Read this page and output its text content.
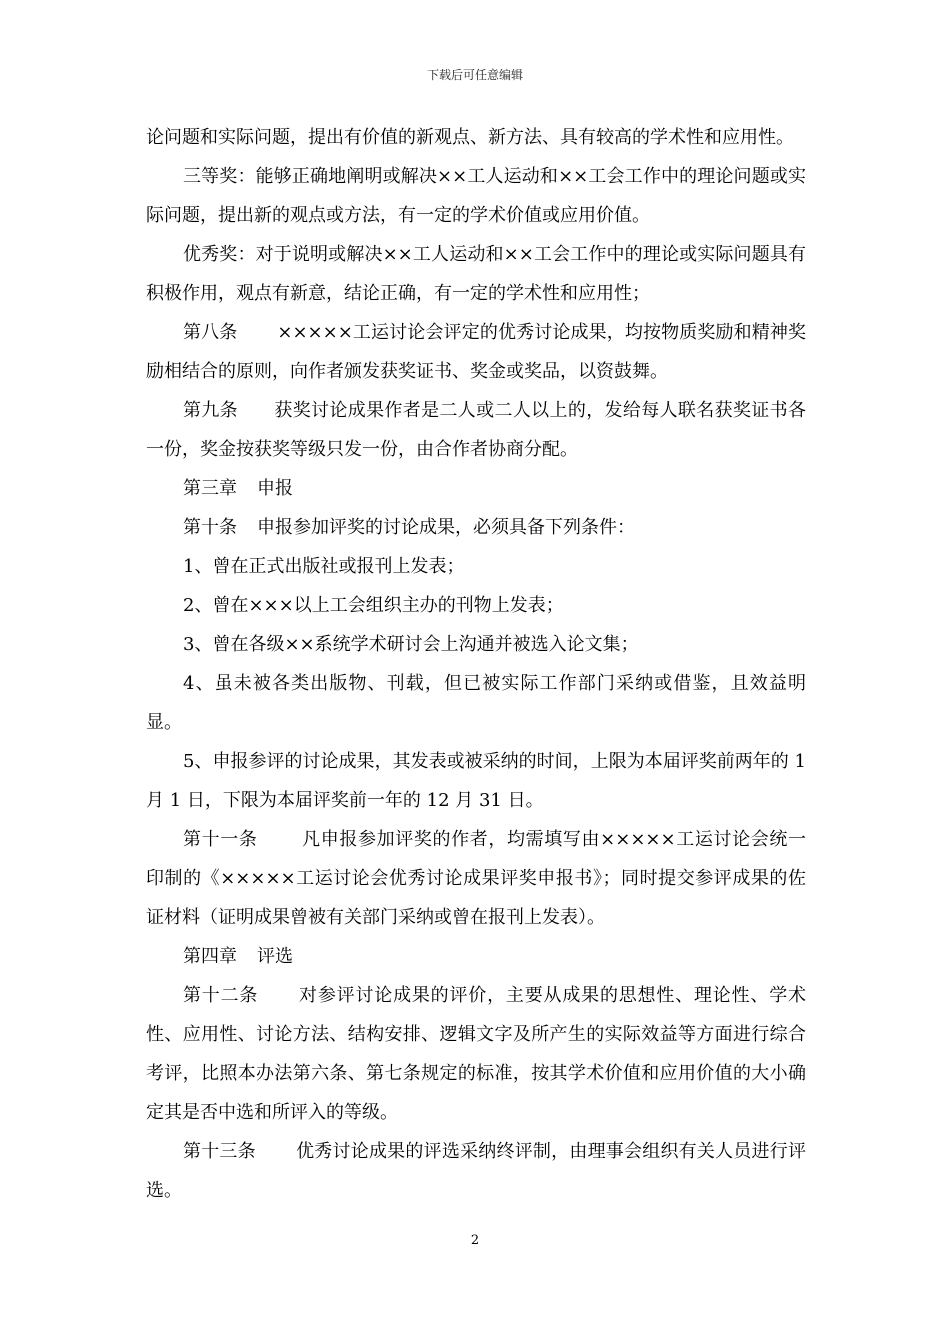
下载后可任意编辑

论问题和实际问题，提出有价值的新观点、新方法、具有较高的学术性和应用性。

三等奖：能够正确地阐明或解决××工人运动和××工会工作中的理论问题或实际问题，提出新的观点或方法，有一定的学术价值或应用价值。

优秀奖：对于说明或解决××工人运动和××工会工作中的理论或实际问题具有积极作用，观点有新意，结论正确，有一定的学术性和应用性；

第八条 ×××××工运讨论会评定的优秀讨论成果，均按物质奖励和精神奖励相结合的原则，向作者颁发获奖证书、奖金或奖品，以资鼓舞。

第九条 获奖讨论成果作者是二人或二人以上的，发给每人联名获奖证书各一份，奖金按获奖等级只发一份，由合作者协商分配。

第三章 申报

第十条 申报参加评奖的讨论成果，必须具备下列条件：

1、曾在正式出版社或报刊上发表；

2、曾在×××以上工会组织主办的刊物上发表；

3、曾在各级××系统学术研讨会上沟通并被选入论文集；

4、虽未被各类出版物、刊载，但已被实际工作部门采纳或借鉴，且效益明显。

5、申报参评的讨论成果，其发表或被采纳的时间，上限为本届评奖前两年的 1 月 1 日，下限为本届评奖前一年的 12 月 31 日。

第十一条 凡申报参加评奖的作者，均需填写由×××××工运讨论会统一印制的《×××××工运讨论会优秀讨论成果评奖申报书》；同时提交参评成果的佐证材料（证明成果曾被有关部门采纳或曾在报刊上发表）。

第四章 评选

第十二条 对参评讨论成果的评价，主要从成果的思想性、理论性、学术性、应用性、讨论方法、结构安排、逻辑文字及所产生的实际效益等方面进行综合考评，比照本办法第六条、第七条规定的标准，按其学术价值和应用价值的大小确定其是否中选和所评入的等级。

第十三条 优秀讨论成果的评选采纳终评制，由理事会组织有关人员进行评选。

2
